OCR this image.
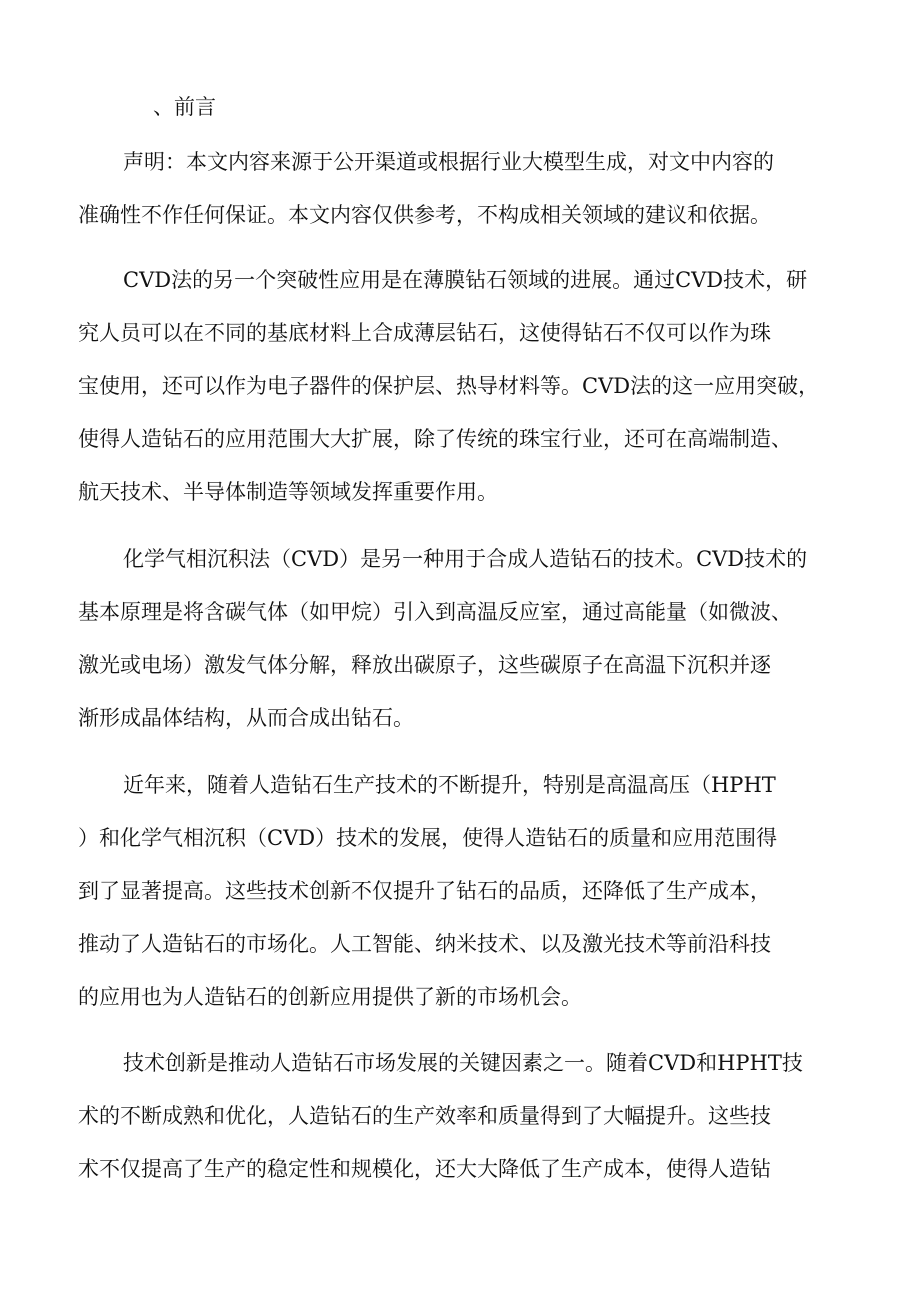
、前言
声明：本文内容来源于公开渠道或根据行业大模型生成，对文中内容的
准确性不作任何保证。本文内容仅供参考，不构成相关领域的建议和依据。
CVD法的另一个突破性应用是在薄膜钻石领域的进展。通过CVD技术，研
究人员可以在不同的基底材料上合成薄层钻石，这使得钻石不仅可以作为珠
宝使用，还可以作为电子器件的保护层、热导材料等。CVD法的这一应用突破，
使得人造钻石的应用范围大大扩展，除了传统的珠宝行业，还可在高端制造、
航天技术、半导体制造等领域发挥重要作用。
化学气相沉积法（CVD）是另一种用于合成人造钻石的技术。CVD技术的
基本原理是将含碳气体（如甲烷）引入到高温反应室，通过高能量（如微波、
激光或电场）激发气体分解，释放出碳原子，这些碳原子在高温下沉积并逐
渐形成晶体结构，从而合成出钻石。
近年来，随着人造钻石生产技术的不断提升，特别是高温高压（HPHT
）和化学气相沉积（CVD）技术的发展，使得人造钻石的质量和应用范围得
到了显著提高。这些技术创新不仅提升了钻石的品质，还降低了生产成本，
推动了人造钻石的市场化。人工智能、纳米技术、以及激光技术等前沿科技
的应用也为人造钻石的创新应用提供了新的市场机会。
技术创新是推动人造钻石市场发展的关键因素之一。随着CVD和HPHT技
术的不断成熟和优化，人造钻石的生产效率和质量得到了大幅提升。这些技
术不仅提高了生产的稳定性和规模化，还大大降低了生产成本，使得人造钻
